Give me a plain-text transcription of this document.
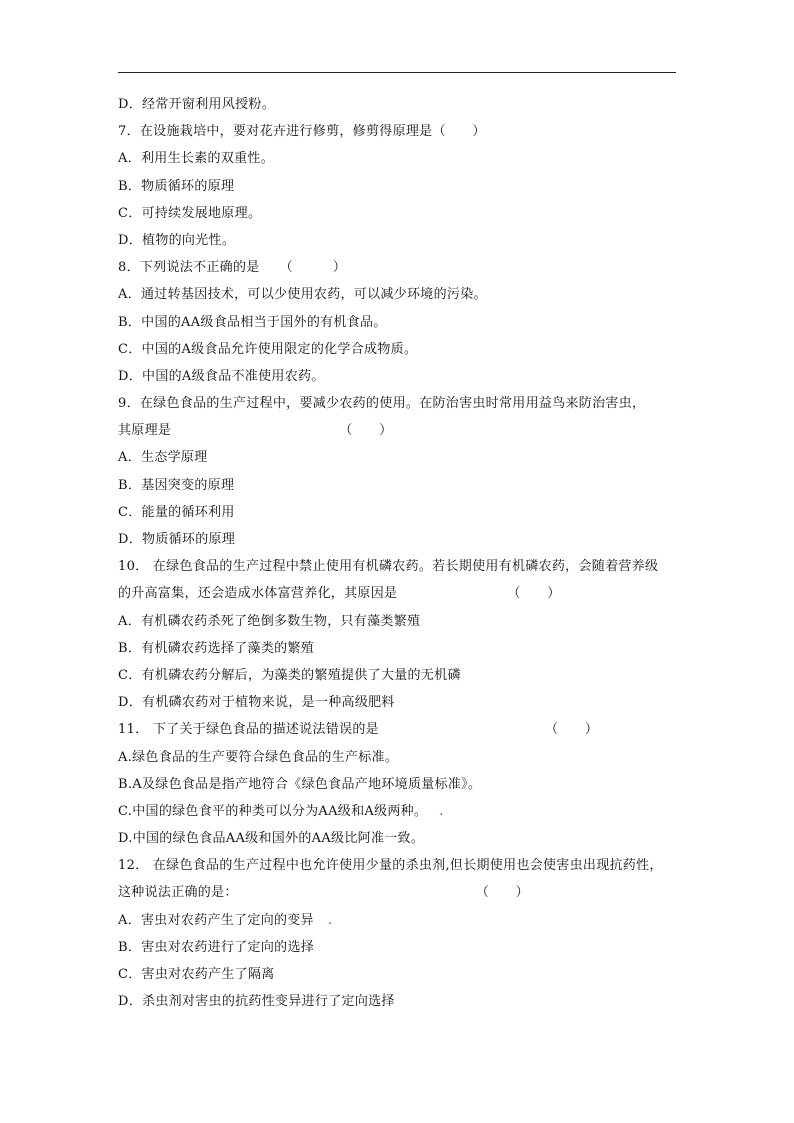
D．经常开窗利用风授粉。
7．在设施栽培中，要对花卉进行修剪，修剪得原理是（　　）
A．利用生长素的双重性。
B．物质循环的原理
C．可持续发展地原理。
D．植物的向光性。
8．下列说法不正确的是　　（　　　）
A．通过转基因技术，可以少使用农药，可以减少环境的污染。
B．中国的AA级食品相当于国外的有机食品。
C．中国的A级食品允许使用限定的化学合成物质。
D．中国的A级食品不准使用农药。
9．在绿色食品的生产过程中，要减少农药的使用。在防治害虫时常用用益鸟来防治害虫，
其原理是	（　　）
A．生态学原理
B．基因突变的原理
C．能量的循环利用
D．物质循环的原理
10． 在绿色食品的生产过程中禁止使用有机磷农药。若长期使用有机磷农药，会随着营养级
的升高富集，还会造成水体富营养化，其原因是	（　　）
A．有机磷农药杀死了绝倒多数生物，只有藻类繁殖
B．有机磷农药选择了藻类的繁殖
C．有机磷农药分解后，为藻类的繁殖提供了大量的无机磷
D．有机磷农药对于植物来说，是一种高级肥料
11． 下了关于绿色食品的描述说法错误的是	（　　）
A.绿色食品的生产要符合绿色食品的生产标准。
B.A及绿色食品是指产地符合《绿色食品产地环境质量标准》。
C.中国的绿色食平的种类可以分为AA级和A级两种。 .
D.中国的绿色食品AA级和国外的AA级比阿准一致。
12． 在绿色食品的生产过程中也允许使用少量的杀虫剂,但长期使用也会使害虫出现抗药性，
这种说法正确的是：	（　　）
A．害虫对农药产生了定向的变异 .
B．害虫对农药进行了定向的选择
C．害虫对农药产生了隔离
D．杀虫剂对害虫的抗药性变异进行了定向选择
